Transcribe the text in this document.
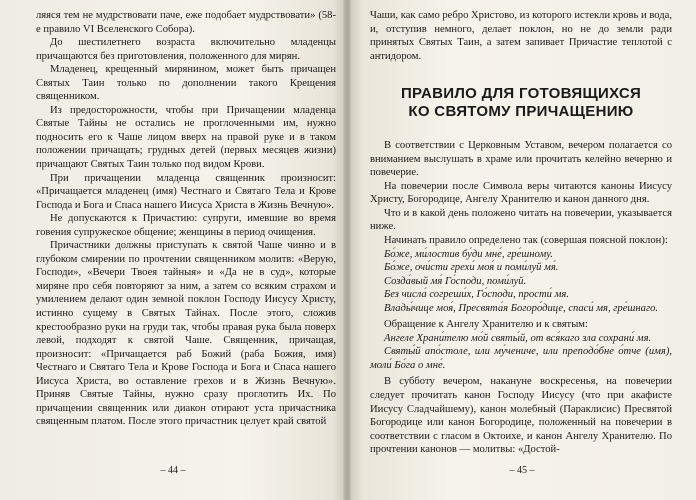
ляяся тем не мудрствовати паче, еже подобает мудрствовати» (58-е правило VI Вселенского Собора).

До шестилетнего возраста включительно младенцы причащаются без приготовления, положенного для мирян.

Младенец, крещенный мирянином, может быть причащен Святых Таин только по дополнении такого Крещения священником.

Из предосторожности, чтобы при Причащении младенца Святые Тайны не остались не проглоченными им, нужно подносить его к Чаше лицом вверх на правой руке и в таком положении причащать; грудных детей (первых месяцев жизни) причащают Святых Таин только под видом Крови.

При причащении младенца священник произносит: «Причащается младенец (имя) Честнаго и Святаго Тела и Крове Господа и Бога и Спаса нашего Иисуса Христа в Жизнь Вечную».

Не допускаются к Причастию: супруги, имевшие во время говения супружеское общение; женщины в период очищения.

Причастники должны приступать к святой Чаше чинно и в глубоком смирении по прочтении священником молитв: «Верую, Господи», «Вечери Твоея тайныя» и «Да не в суд», которые миряне про себя повторяют за ним, а затем со всяким страхом и умилением делают один земной поклон Господу Иисусу Христу, истинно сущему в Святых Тайнах. После этого, сложив крестообразно руки на груди так, чтобы правая рука была поверх левой, подходят к святой Чаше. Священник, причащая, произносит: «Причащается раб Божий (раба Божия, имя) Честнаго и Святаго Тела и Крове Господа и Бога и Спаса нашего Иисуса Христа, во оставление грехов и в Жизнь Вечную». Приняв Святые Тайны, нужно сразу проглотить Их. По причащении священник или диакон отирают уста причастника священным платом. После этого причастник целует край святой

– 44 –

Чаши, как само ребро Христово, из которого истекли кровь и вода, и, отступив немного, делает поклон, но не до земли ради принятых Святых Таин, а затем запивает Причастие теплотой с антидором.

ПРАВИЛО ДЛЯ ГОТОВЯЩИХСЯ
КО СВЯТОМУ ПРИЧАЩЕНИЮ

В соответствии с Церковным Уставом, вечером полагается со вниманием выслушать в храме или прочитать келейно вечерню и повечерие.

На повечерии после Символа веры читаются каноны Иисусу Христу, Богородице, Ангелу Хранителю и канон данного дня.

Что и в какой день положено читать на повечерии, указывается ниже.

Начинать правило определено так (совершая поясной поклон):

Бо́же, ми́лостив бу́ди мне́, гре́шному.

Бо́же, очи́сти грехи́ моя́ и поми́луй мя́.

Созда́вый мя́ Го́споди, поми́луй.

Без числа́ согреши́х, Го́споди, прости́ мя.

Влады́чице моя́, Пресвята́я Богоро́дице, спаси́ мя, гре́шнаго.

Обращение к Ангелу Хранителю и к святым:

Ангеле Храни́телю мо́й святы́й, от вся́каго зла сохрани́ мя.

Святы́й апо́столе, или му́чениче, или преподо́бне о́тче (имя), моли́ Бо́га о мне́.

В субботу вечером, накануне воскресенья, на повечерии следует прочитать канон Господу Иисусу (что при акафисте Иисусу Сладчайшему), канон молебный (Параклисис) Пресвятой Богородице или канон Богородице, положенный на повечерии в соответствии с гласом в Октоихе, и канон Ангелу Хранителю. По прочтении канонов — молитвы: «Достой-

– 45 –
